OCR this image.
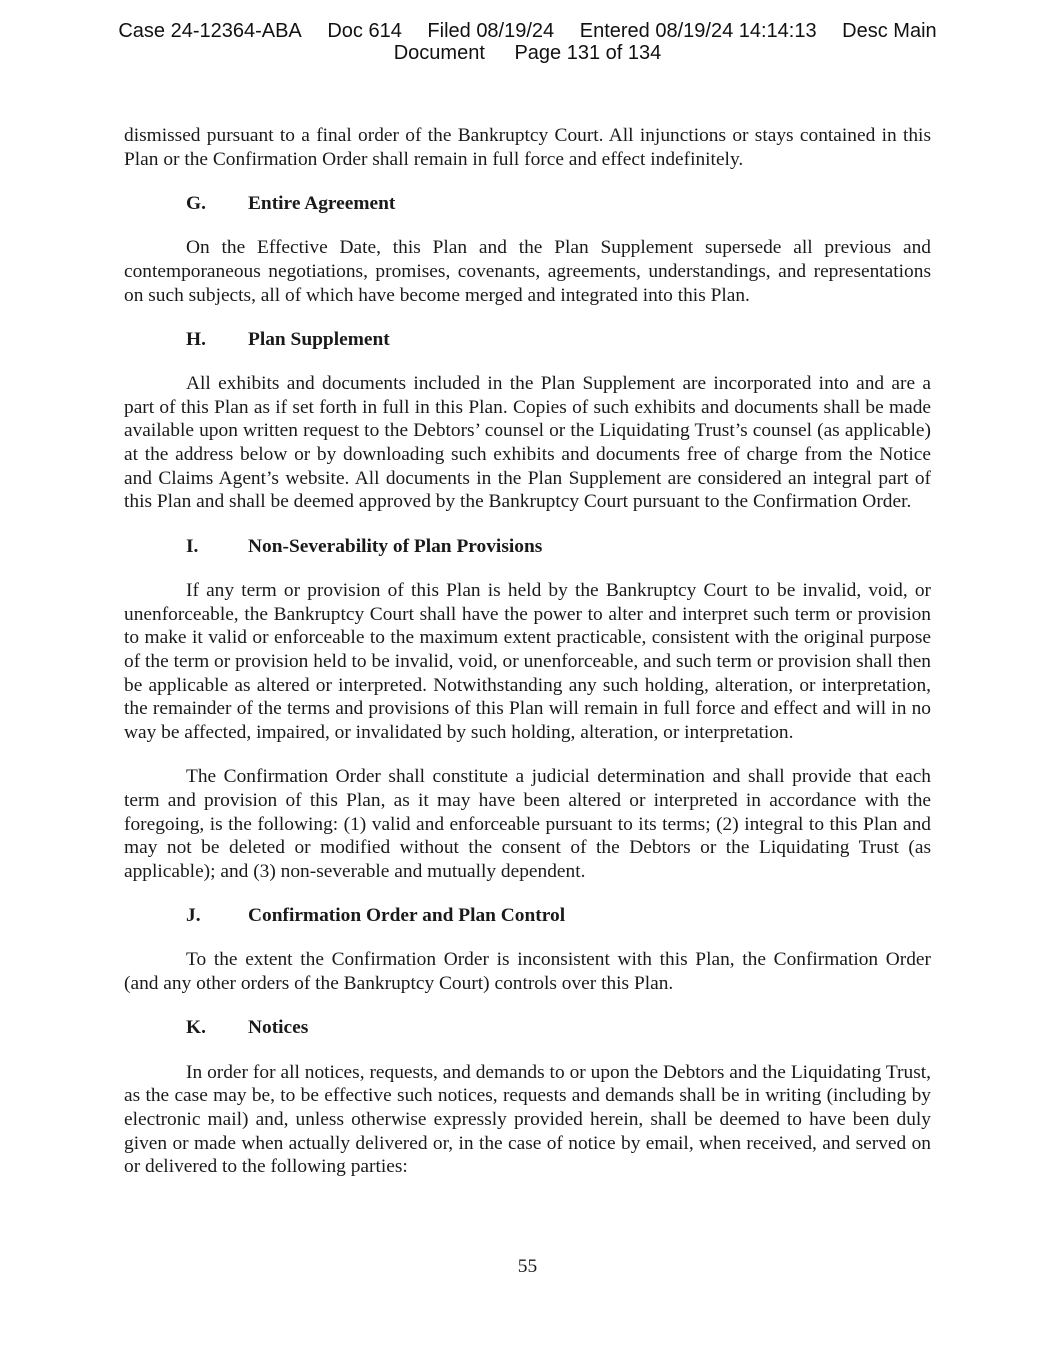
Case 24-12364-ABA Doc 614 Filed 08/19/24 Entered 08/19/24 14:14:13 Desc Main
Document Page 131 of 134

dismissed pursuant to a final order of the Bankruptcy Court. All injunctions or stays contained in this Plan or the Confirmation Order shall remain in full force and effect indefinitely.

G. Entire Agreement

On the Effective Date, this Plan and the Plan Supplement supersede all previous and contemporaneous negotiations, promises, covenants, agreements, understandings, and representations on such subjects, all of which have become merged and integrated into this Plan.

H. Plan Supplement

All exhibits and documents included in the Plan Supplement are incorporated into and are a part of this Plan as if set forth in full in this Plan. Copies of such exhibits and documents shall be made available upon written request to the Debtors’ counsel or the Liquidating Trust’s counsel (as applicable) at the address below or by downloading such exhibits and documents free of charge from the Notice and Claims Agent’s website. All documents in the Plan Supplement are considered an integral part of this Plan and shall be deemed approved by the Bankruptcy Court pursuant to the Confirmation Order.

I.	Non-Severability of Plan Provisions

If any term or provision of this Plan is held by the Bankruptcy Court to be invalid, void, or unenforceable, the Bankruptcy Court shall have the power to alter and interpret such term or provision to make it valid or enforceable to the maximum extent practicable, consistent with the original purpose of the term or provision held to be invalid, void, or unenforceable, and such term or provision shall then be applicable as altered or interpreted. Notwithstanding any such holding, alteration, or interpretation, the remainder of the terms and provisions of this Plan will remain in full force and effect and will in no way be affected, impaired, or invalidated by such holding, alteration, or interpretation.

The Confirmation Order shall constitute a judicial determination and shall provide that each term and provision of this Plan, as it may have been altered or interpreted in accordance with the foregoing, is the following: (1) valid and enforceable pursuant to its terms; (2) integral to this Plan and may not be deleted or modified without the consent of the Debtors or the Liquidating Trust (as applicable); and (3) non-severable and mutually dependent.

J. Confirmation Order and Plan Control

To the extent the Confirmation Order is inconsistent with this Plan, the Confirmation Order (and any other orders of the Bankruptcy Court) controls over this Plan.

K. Notices

In order for all notices, requests, and demands to or upon the Debtors and the Liquidating Trust, as the case may be, to be effective such notices, requests and demands shall be in writing (including by electronic mail) and, unless otherwise expressly provided herein, shall be deemed to have been duly given or made when actually delivered or, in the case of notice by email, when received, and served on or delivered to the following parties:

55
